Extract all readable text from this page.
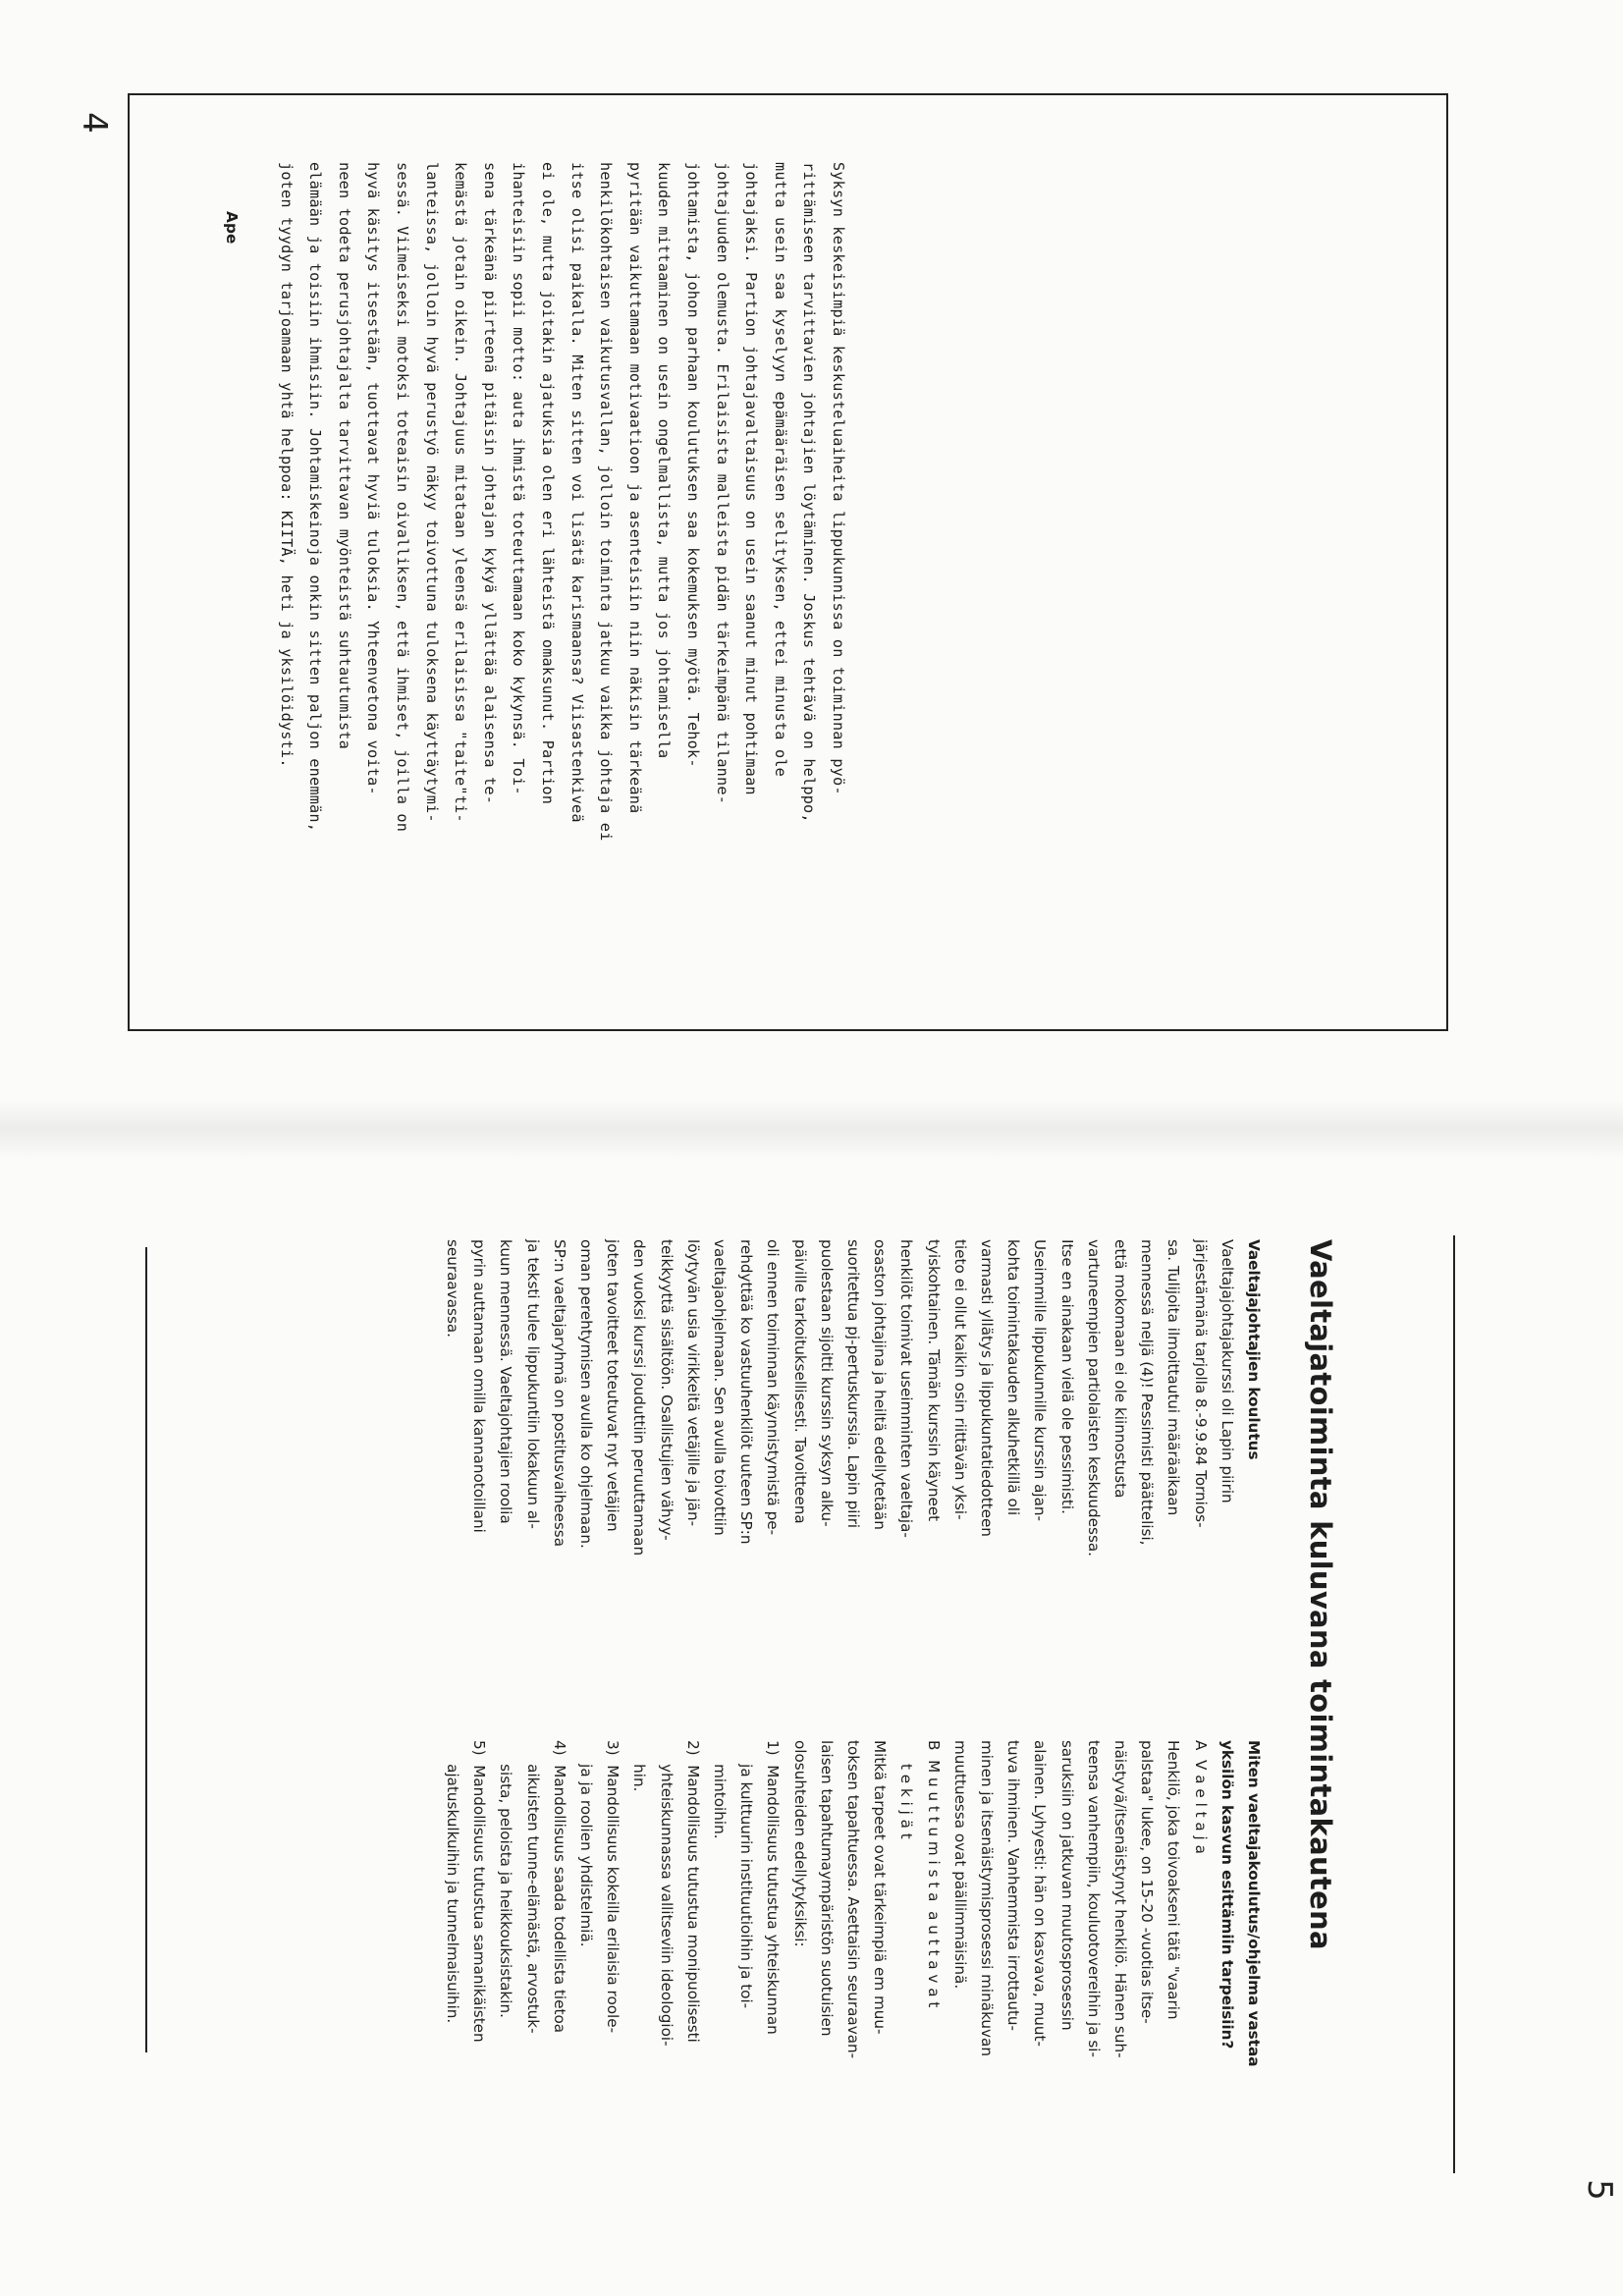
4
5

Syksyn keskeisimpiä keskusteluaiheita lippukunnissa on toiminnan pyö-

rittämiseen tarvittavien johtajien löytäminen. Joskus tehtävä on helppo,

mutta usein saa kyselyyn epämääräisen selityksen, ettei minusta ole

johtajaksi. Partion johtajavaltaisuus on usein saanut minut pohtimaan

johtajuuden olemusta. Erilaisista malleista pidän tärkeimpänä tilanne-

johtamista, johon parhaan koulutuksen saa kokemuksen myötä. Tehok-

kuuden mittaaminen on usein ongelmallista, mutta jos johtamisella

pyritään vaikuttamaan motivaatioon ja asenteisiin niin näkisin tärkeänä

henkilökohtaisen vaikutusvallan, jolloin toiminta jatkuu vaikka johtaja ei

itse olisi paikalla. Miten sitten voi lisätä karismaansa? Viisastenkiveä

ei ole, mutta joitakin ajatuksia olen eri lähteistä omaksunut. Partion

ihanteisiin sopii motto: auta ihmistä toteuttamaan koko kykynsä. Toi-

sena tärkeänä piirteenä pitäisin johtajan kykyä yllättää alaisensa te-

kemästä jotain oikein. Johtajuus mitataan yleensä erilaisissa "taite"ti-

lanteissa, jolloin hyvä perustyö näkyy toivottuna tuloksena käyttäytymi-

sessä. Viimeiseksi motoksi toteaisin oivalliksen, että ihmiset, joilla on

hyvä käsitys itsestään, tuottavat hyviä tuloksia. Yhteenvetona voita-

neen todeta perusjohtajalta tarvittavan myönteistä suhtautumista

elämään ja toisiin ihmisiin. Johtamiskeinoja onkin sitten paljon enemmän,

joten tyydyn tarjoamaan yhtä helppoa: KIITÄ, heti ja yksilöidysti.

Ape

Vaeltajatoiminta kuluvana toimintakautena

Vaeltajajohtajien koulutus

Vaeltajajohtajakurssi oli Lapin piirin

järjestämänä tarjolla 8.-9.9.84 Tornios-

sa. Tulijoita ilmoittautui määräaikaan

mennessä neljä (4)! Pessimisti päättelisi,

että mokomaan ei ole kiinnostusta

vartuneempien partiolaisten keskuudessa.

Itse en ainakaan vielä ole pessimisti.

Useimmille lippukunnille kurssin ajan-

kohta toimintakauden alkuhetkillä oli

varmasti yllätys ja lippukuntatiedotteen

tieto ei ollut kaikin osin riittävän yksi-

tyiskohtainen. Tämän kurssin käyneet

henkilöt toimivat useimminten vaeltaja-

osaston johtajina ja heiltä edellytetään

suoritettua pj-pertuskurssia. Lapin piiri

puolestaan sijoitti kurssin syksyn alku-

päiville tarkoituksellisesti. Tavoitteena

oli ennen toiminnan käynnistymistä pe-

rehdyttää ko vastuuhenkilöt uuteen SP:n

vaeltajaohjelmaan. Sen avulla toivottiin

löytyvän usia virikkeitä vetäjille ja jän-

teikkyyttä sisältöön. Osallistujien vähyy-

den vuoksi kurssi jouduttiin peruuttamaan

joten tavoitteet toteutuvat nyt vetäjien

oman perehtymisen avulla ko ohjelmaan.

SP:n vaeltajaryhmä on postitusvaiheessa

ja teksti tulee lippukuntiin lokakuun al-

kuun mennessä. Vaeltajohtajien roolia

pyrin auttamaan omilla kannanotoillani

seuraavassa.

Miten vaeltajakoulutus/ohjelma vastaa

yksilön kasvun esittämiin tarpeisiin?

A  V a e l t a j a

Henkilö, joka toivoakseni tätä "vaarin

palstaa" lukee, on 15-20 -vuotias itse-

näistyvä/itsenäistynyt henkilö. Hänen suh-

teensa vanhempiin, kouluotovereihin ja si-

saruksiin on jatkuvan muutosprosessin

alainen. Lyhyesti: hän on kasvava, muut-

tuva ihminen. Vanhemmista irrottautu-

minen ja itsenäistymisprosessi minäkuvan

muuttuessa ovat päällimmäisinä.

B  M u u t t u m i s t a  a u t t a v a t

t e k i j ä t

Mitkä tarpeet ovat tärkeimpiä em muu-

toksen tapahtuessa. Asettaisin seuraavan-

laisen tapahtumaympäristön suotuisien

olosuhteiden edellytyksiksi:

1)  Mandollisuus tutustua yhteiskunnan

ja kulttuurin instituutioihin ja toi-

mintoihin.

2)  Mandollisuus tutustua monipuolisesti

yhteiskunnassa vallitseviin ideologioi-

hin.

3)  Mandollisuus kokeilla erilaisia roole-

ja ja roolien yhdistelmiä.

4)  Mandollisuus saada todellista tietoa

aikuisten tunne-elämästä, arvostuk-

sista, peloista ja heikkouksistakin.

5)  Mandollisuus tutustua samanikäisten

ajatuskulkuihin ja tunnelmaisuihin.
